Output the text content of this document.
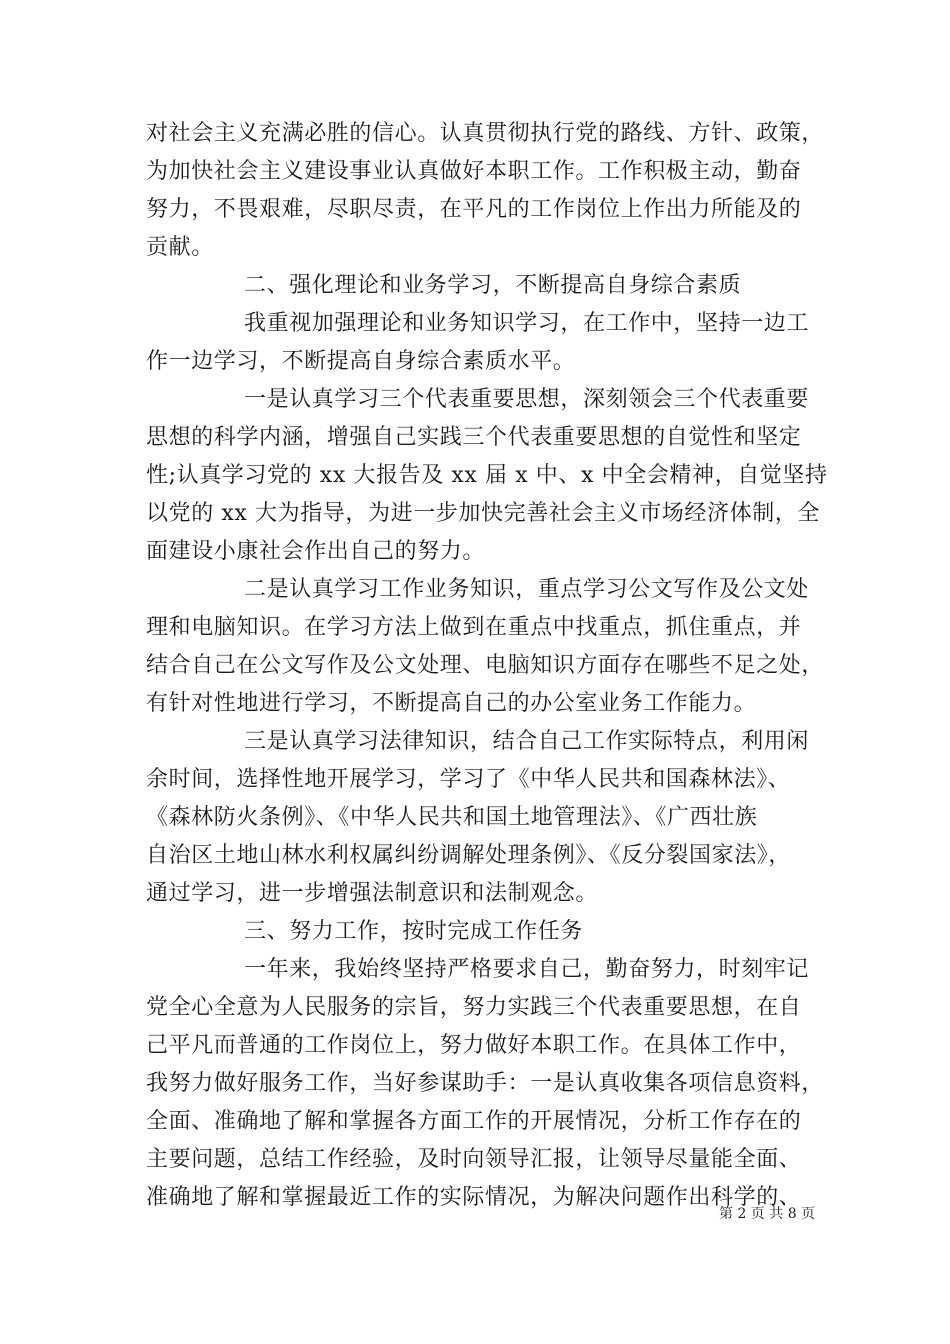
对社会主义充满必胜的信心。认真贯彻执行党的路线、方针、政策，
为加快社会主义建设事业认真做好本职工作。工作积极主动，勤奋
努力，不畏艰难，尽职尽责，在平凡的工作岗位上作出力所能及的
贡献。
二、强化理论和业务学习，不断提高自身综合素质
我重视加强理论和业务知识学习，在工作中，坚持一边工
作一边学习，不断提高自身综合素质水平。
一是认真学习三个代表重要思想，深刻领会三个代表重要
思想的科学内涵，增强自己实践三个代表重要思想的自觉性和坚定
性;认真学习党的 xx 大报告及 xx 届 x 中、x 中全会精神，自觉坚持
以党的 xx 大为指导，为进一步加快完善社会主义市场经济体制，全
面建设小康社会作出自己的努力。
二是认真学习工作业务知识，重点学习公文写作及公文处
理和电脑知识。在学习方法上做到在重点中找重点，抓住重点，并
结合自己在公文写作及公文处理、电脑知识方面存在哪些不足之处，
有针对性地进行学习，不断提高自己的办公室业务工作能力。
三是认真学习法律知识，结合自己工作实际特点，利用闲
余时间，选择性地开展学习，学习了《中华人民共和国森林法》、
《森林防火条例》、《中华人民共和国土地管理法》、《广西壮族
自治区土地山林水利权属纠纷调解处理条例》、《反分裂国家法》，
通过学习，进一步增强法制意识和法制观念。
三、努力工作，按时完成工作任务
一年来，我始终坚持严格要求自己，勤奋努力，时刻牢记
党全心全意为人民服务的宗旨，努力实践三个代表重要思想，在自
己平凡而普通的工作岗位上，努力做好本职工作。在具体工作中，
我努力做好服务工作，当好参谋助手：一是认真收集各项信息资料，
全面、准确地了解和掌握各方面工作的开展情况，分析工作存在的
主要问题，总结工作经验，及时向领导汇报，让领导尽量能全面、
准确地了解和掌握最近工作的实际情况，为解决问题作出科学的、
第 2 页 共 8 页
